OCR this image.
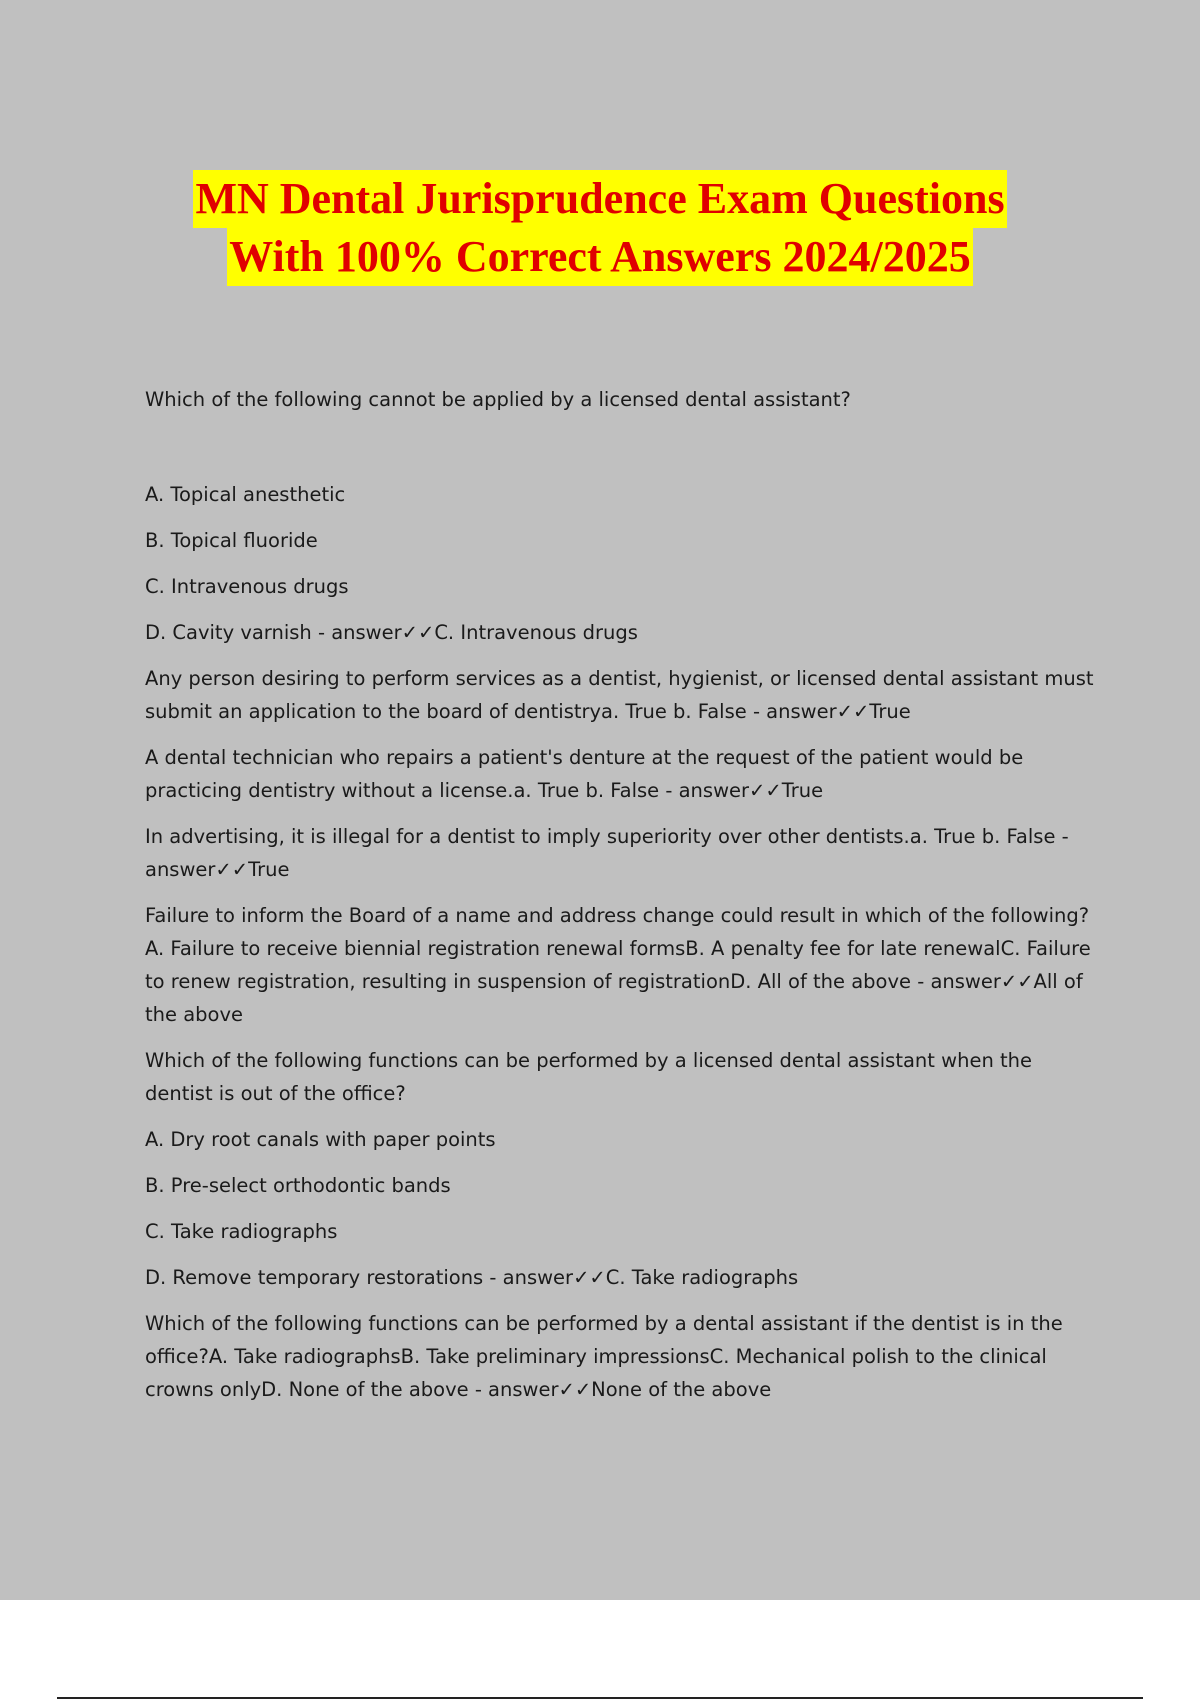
MN Dental Jurisprudence Exam Questions
With 100% Correct Answers 2024/2025

Which of the following cannot be applied by a licensed dental assistant?

A. Topical anesthetic

B. Topical fluoride

C. Intravenous drugs

D. Cavity varnish - answer✓✓C. Intravenous drugs

Any person desiring to perform services as a dentist, hygienist, or licensed dental assistant must submit an application to the board of dentistrya. True b. False - answer✓✓True

A dental technician who repairs a patient's denture at the request of the patient would be practicing dentistry without a license.a. True b. False - answer✓✓True

In advertising, it is illegal for a dentist to imply superiority over other dentists.a. True b. False - answer✓✓True

Failure to inform the Board of a name and address change could result in which of the following?A. Failure to receive biennial registration renewal formsB. A penalty fee for late renewalC. Failure to renew registration, resulting in suspension of registrationD. All of the above - answer✓✓All of the above

Which of the following functions can be performed by a licensed dental assistant when the dentist is out of the office?

A. Dry root canals with paper points

B. Pre-select orthodontic bands

C. Take radiographs

D. Remove temporary restorations - answer✓✓C. Take radiographs

Which of the following functions can be performed by a dental assistant if the dentist is in the office?A. Take radiographsB. Take preliminary impressionsC. Mechanical polish to the clinical crowns onlyD. None of the above - answer✓✓None of the above
